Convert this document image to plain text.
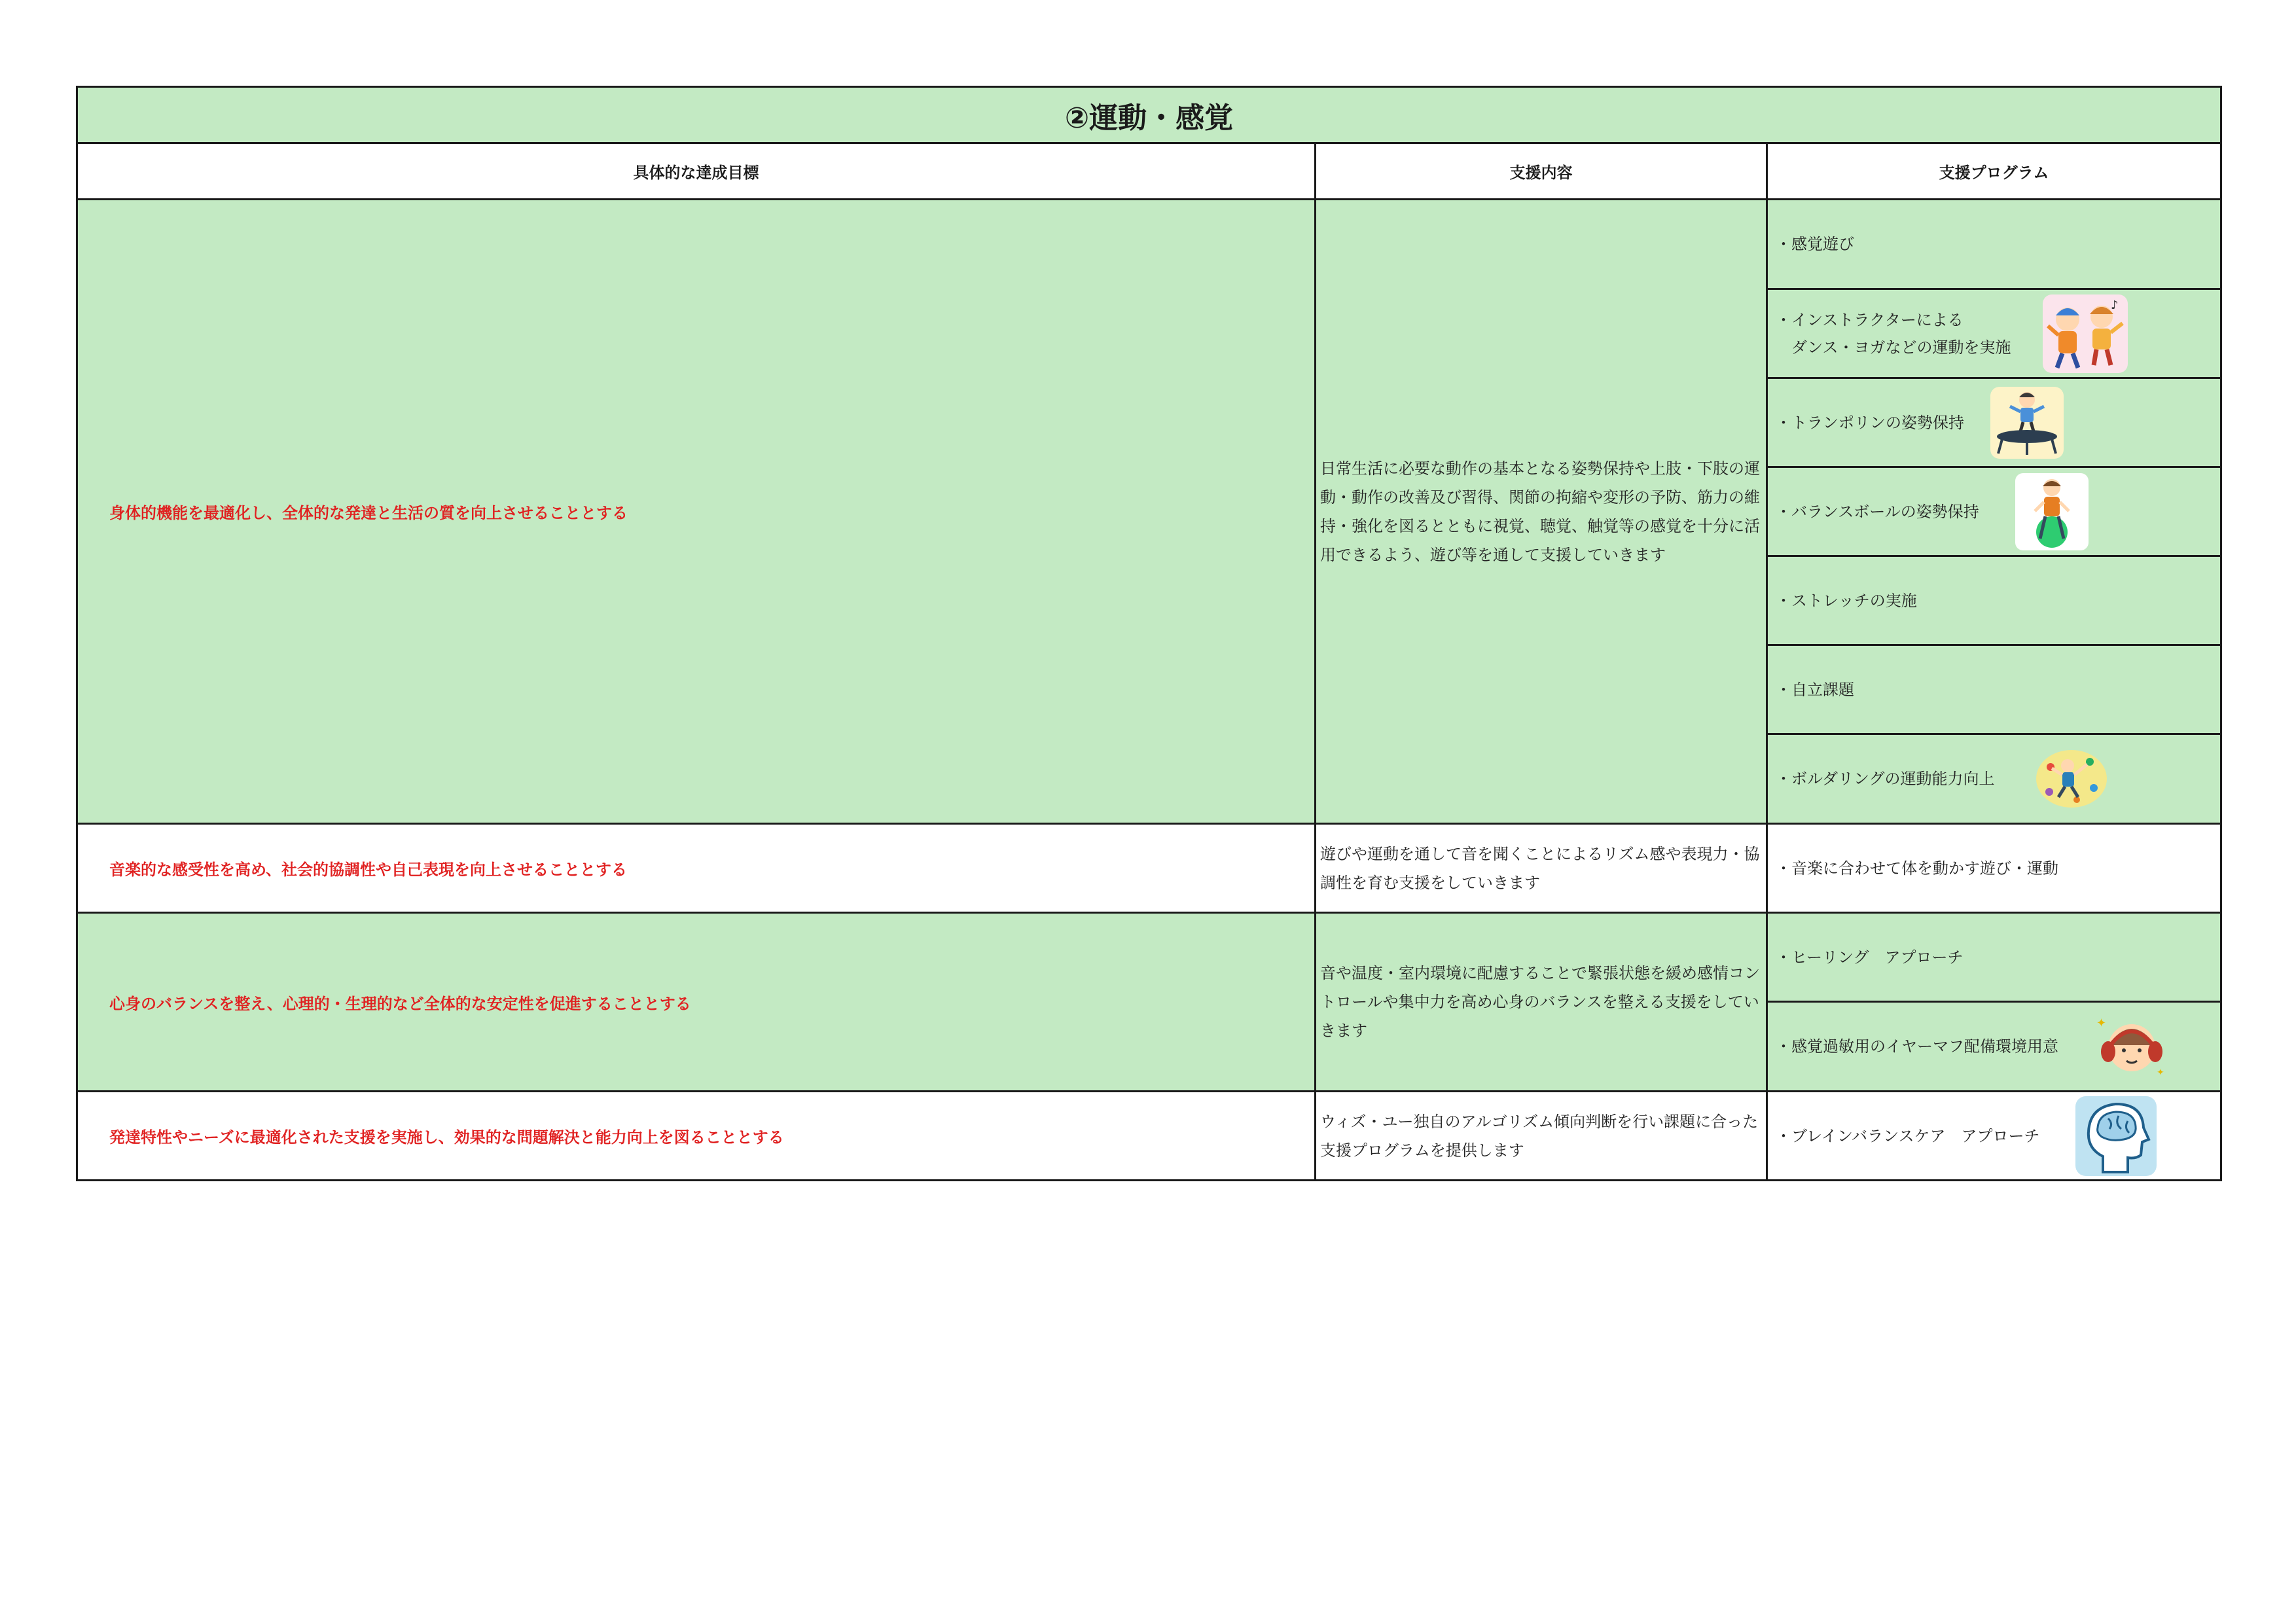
②運動・感覚		
具体的な達成目標	支援内容	支援プログラム
身体的機能を最適化し、全体的な発達と生活の質を向上させることとする	日常生活に必要な動作の基本となる姿勢保持や上肢・下肢の運動・動作の改善及び習得、関節の拘縮や変形の予防、筋力の維持・強化を図るとともに視覚、聴覚、触覚等の感覚を十分に活用できるよう、遊び等を通して支援していきます	・感覚遊び
		・インストラクターによる
　ダンス・ヨガなどの運動を実施
♪

		・トランポリンの姿勢保持

		・バランスボールの姿勢保持

		・ストレッチの実施
		・自立課題
		・ボルダリングの運動能力向上

音楽的な感受性を高め、社会的協調性や自己表現を向上させることとする	遊びや運動を通して音を聞くことによるリズム感や表現力・協調性を育む支援をしていきます	・音楽に合わせて体を動かす遊び・運動
心身のバランスを整え、心理的・生理的など全体的な安定性を促進することとする	音や温度・室内環境に配慮することで緊張状態を緩め感情コントロールや集中力を高め心身のバランスを整える支援をしていきます	・ヒーリング　アプローチ
		・感覚過敏用のイヤーマフ配備環境用意
✦
✦

発達特性やニーズに最適化された支援を実施し、効果的な問題解決と能力向上を図ることとする	ウィズ・ユー独自のアルゴリズム傾向判断を行い課題に合った支援プログラムを提供します	・ブレインバランスケア　アプローチ
